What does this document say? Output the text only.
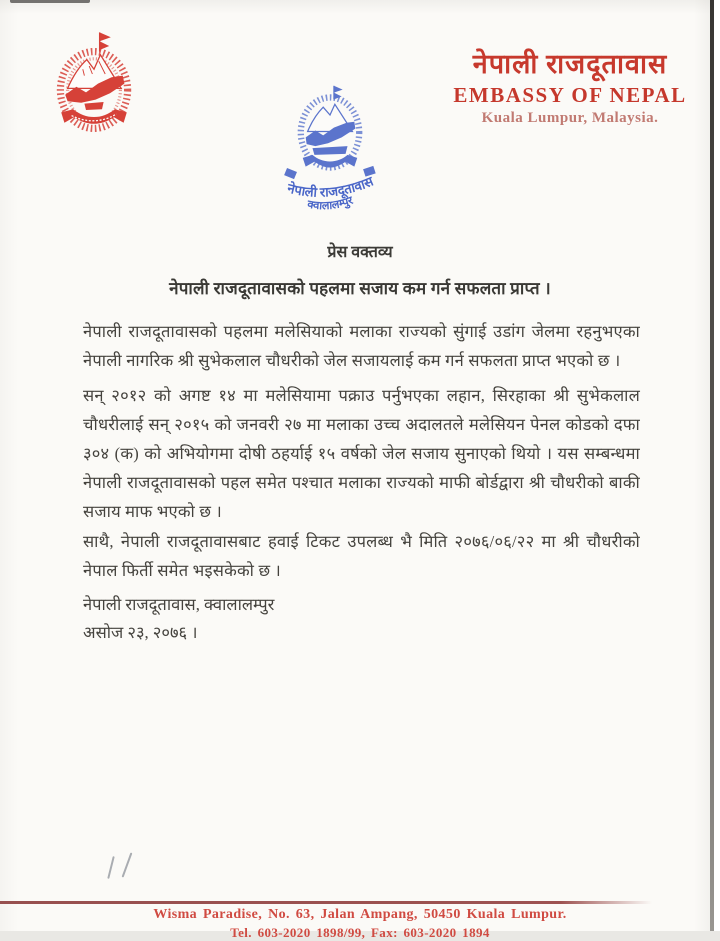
नेपाली राजदूतावास
क्वालालम्पुर
नेपाली राजदूतावास
EMBASSY OF NEPAL
Kuala Lumpur, Malaysia.
प्रेस वक्तव्य
नेपाली राजदूतावासको पहलमा सजाय कम गर्न सफलता प्राप्त ।
नेपाली राजदूतावासको पहलमा मलेसियाको मलाका राज्यको सुंगाई उडांग जेलमा रहनुभएका नेपाली नागरिक श्री सुभेकलाल चौधरीको जेल सजायलाई कम गर्न सफलता प्राप्त भएको छ ।
सन् २०१२ को अगष्ट १४ मा मलेसियामा पक्राउ पर्नुभएका लहान, सिरहाका श्री सुभेकलाल चौधरीलाई सन् २०१५ को जनवरी २७ मा मलाका उच्च अदालतले मलेसियन पेनल कोडको दफा ३०४ (क) को अभियोगमा दोषी ठहर्याई १५ वर्षको जेल सजाय सुनाएको थियो । यस सम्बन्धमा नेपाली राजदूतावासको पहल समेत पश्चात मलाका राज्यको माफी बोर्डद्वारा श्री चौधरीको बाकी सजाय माफ भएको छ ।
साथै, नेपाली राजदूतावासबाट हवाई टिकट उपलब्ध भै मिति २०७६/०६/२२ मा श्री चौधरीको नेपाल फिर्ती समेत भइसकेको छ ।
नेपाली राजदूतावास, क्वालालम्पुर
असोज २३, २०७६ ।
Wisma Paradise, No. 63, Jalan Ampang, 50450 Kuala Lumpur.
Tel. 603-2020 1898/99, Fax: 603-2020 1894
